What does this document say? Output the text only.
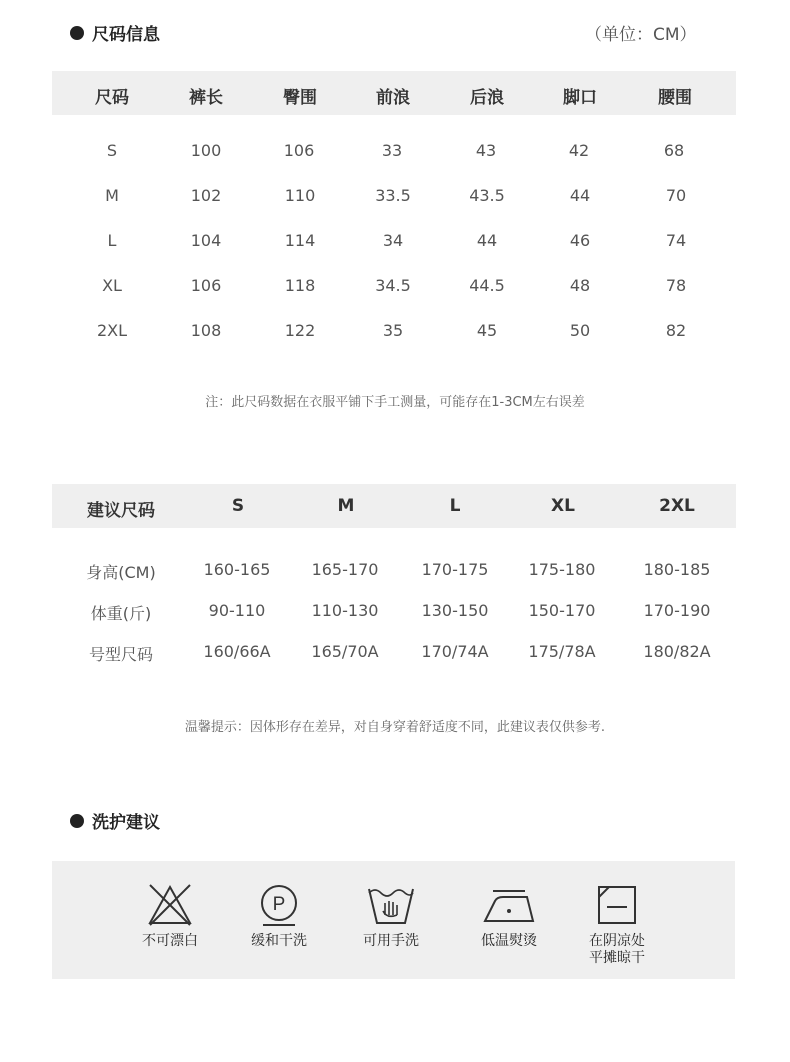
尺码信息	（单位：CM）
尺码	裤长	臀围	前浪	后浪	脚口	腰围
S	100	106	33	43	42	68
M	102	110	33.5	43.5	44	70
L	104	114	34	44	46	74
XL	106	118	34.5	44.5	48	78
2XL	108	122	35	45	50	82
注：此尺码数据在衣服平铺下手工测量，可能存在1-3CM左右误差
建议尺码	S	M	L	XL	2XL
身高(CM)	160-165	165-170	170-175	175-180	180-185
体重(斤)	90-110	110-130	130-150	150-170	170-190
号型尺码	160/66A	165/70A	170/74A 175/78A	180/82A
温馨提示：因体形存在差异，对自身穿着舒适度不同，此建议表仅供参考.
洗护建议
不可漂白
P
缓和干洗	可用手洗	低温熨烫	在阴凉处
平摊晾干
